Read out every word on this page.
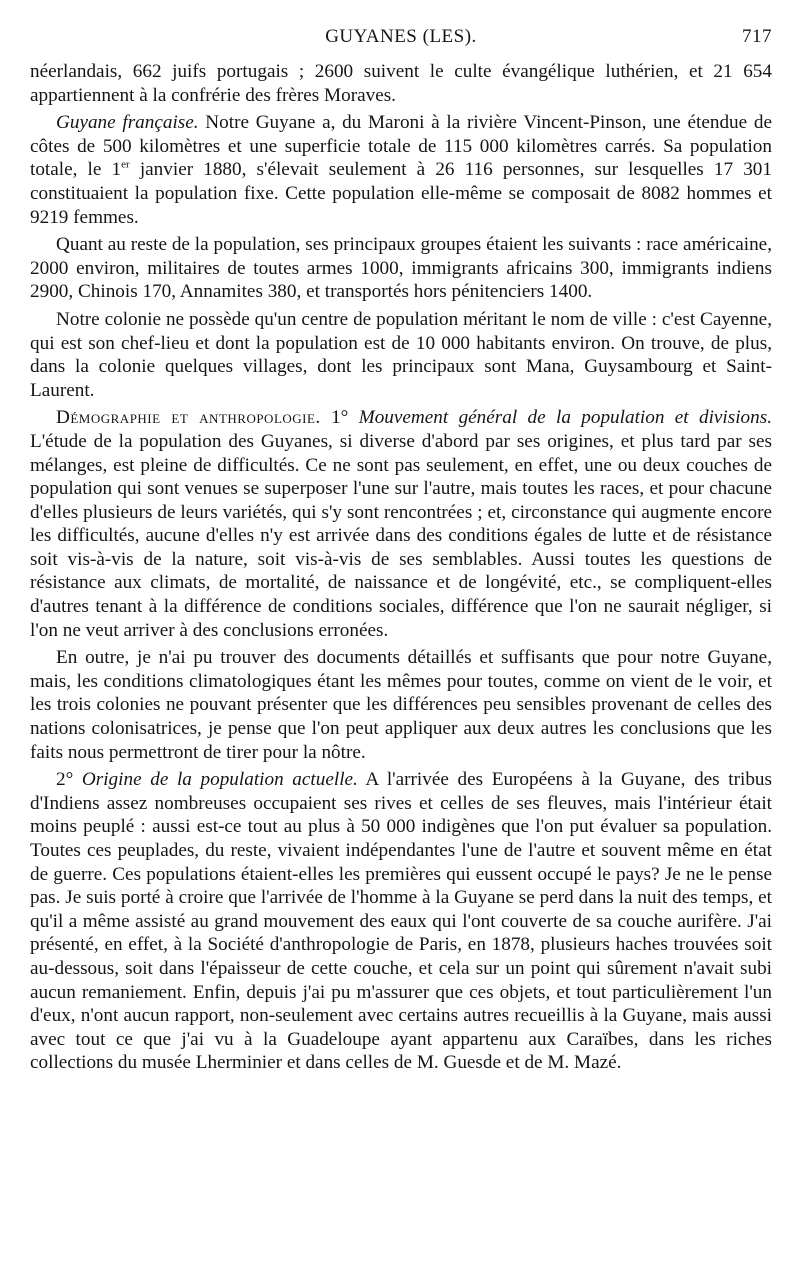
GUYANES (LES).	717

néerlandais, 662 juifs portugais ; 2600 suivent le culte évangélique luthérien, et 21 654 appartiennent à la confrérie des frères Moraves.

Guyane française. Notre Guyane a, du Maroni à la rivière Vincent-Pinson, une étendue de côtes de 500 kilomètres et une superficie totale de 115 000 kilomètres carrés. Sa population totale, le 1er janvier 1880, s'élevait seulement à 26 116 personnes, sur lesquelles 17 301 constituaient la population fixe. Cette population elle-même se composait de 8082 hommes et 9219 femmes.

Quant au reste de la population, ses principaux groupes étaient les suivants : race américaine, 2000 environ, militaires de toutes armes 1000, immigrants africains 300, immigrants indiens 2900, Chinois 170, Annamites 380, et transportés hors pénitenciers 1400.

Notre colonie ne possède qu'un centre de population méritant le nom de ville : c'est Cayenne, qui est son chef-lieu et dont la population est de 10 000 habitants environ. On trouve, de plus, dans la colonie quelques villages, dont les principaux sont Mana, Guysambourg et Saint-Laurent.

Démographie et anthropologie. 1° Mouvement général de la population et divisions. L'étude de la population des Guyanes, si diverse d'abord par ses origines, et plus tard par ses mélanges, est pleine de difficultés. Ce ne sont pas seulement, en effet, une ou deux couches de population qui sont venues se superposer l'une sur l'autre, mais toutes les races, et pour chacune d'elles plusieurs de leurs variétés, qui s'y sont rencontrées ; et, circonstance qui augmente encore les difficultés, aucune d'elles n'y est arrivée dans des conditions égales de lutte et de résistance soit vis-à-vis de la nature, soit vis-à-vis de ses semblables. Aussi toutes les questions de résistance aux climats, de mortalité, de naissance et de longévité, etc., se compliquent-elles d'autres tenant à la différence de conditions sociales, différence que l'on ne saurait négliger, si l'on ne veut arriver à des conclusions erronées.

En outre, je n'ai pu trouver des documents détaillés et suffisants que pour notre Guyane, mais, les conditions climatologiques étant les mêmes pour toutes, comme on vient de le voir, et les trois colonies ne pouvant présenter que les différences peu sensibles provenant de celles des nations colonisatrices, je pense que l'on peut appliquer aux deux autres les conclusions que les faits nous permettront de tirer pour la nôtre.

2° Origine de la population actuelle. A l'arrivée des Européens à la Guyane, des tribus d'Indiens assez nombreuses occupaient ses rives et celles de ses fleuves, mais l'intérieur était moins peuplé : aussi est-ce tout au plus à 50 000 indigènes que l'on put évaluer sa population. Toutes ces peuplades, du reste, vivaient indépendantes l'une de l'autre et souvent même en état de guerre. Ces populations étaient-elles les premières qui eussent occupé le pays? Je ne le pense pas. Je suis porté à croire que l'arrivée de l'homme à la Guyane se perd dans la nuit des temps, et qu'il a même assisté au grand mouvement des eaux qui l'ont couverte de sa couche aurifère. J'ai présenté, en effet, à la Société d'anthropologie de Paris, en 1878, plusieurs haches trouvées soit au-dessous, soit dans l'épaisseur de cette couche, et cela sur un point qui sûrement n'avait subi aucun remaniement. Enfin, depuis j'ai pu m'assurer que ces objets, et tout particulièrement l'un d'eux, n'ont aucun rapport, non-seulement avec certains autres recueillis à la Guyane, mais aussi avec tout ce que j'ai vu à la Guadeloupe ayant appartenu aux Caraïbes, dans les riches collections du musée Lherminier et dans celles de M. Guesde et de M. Mazé.
